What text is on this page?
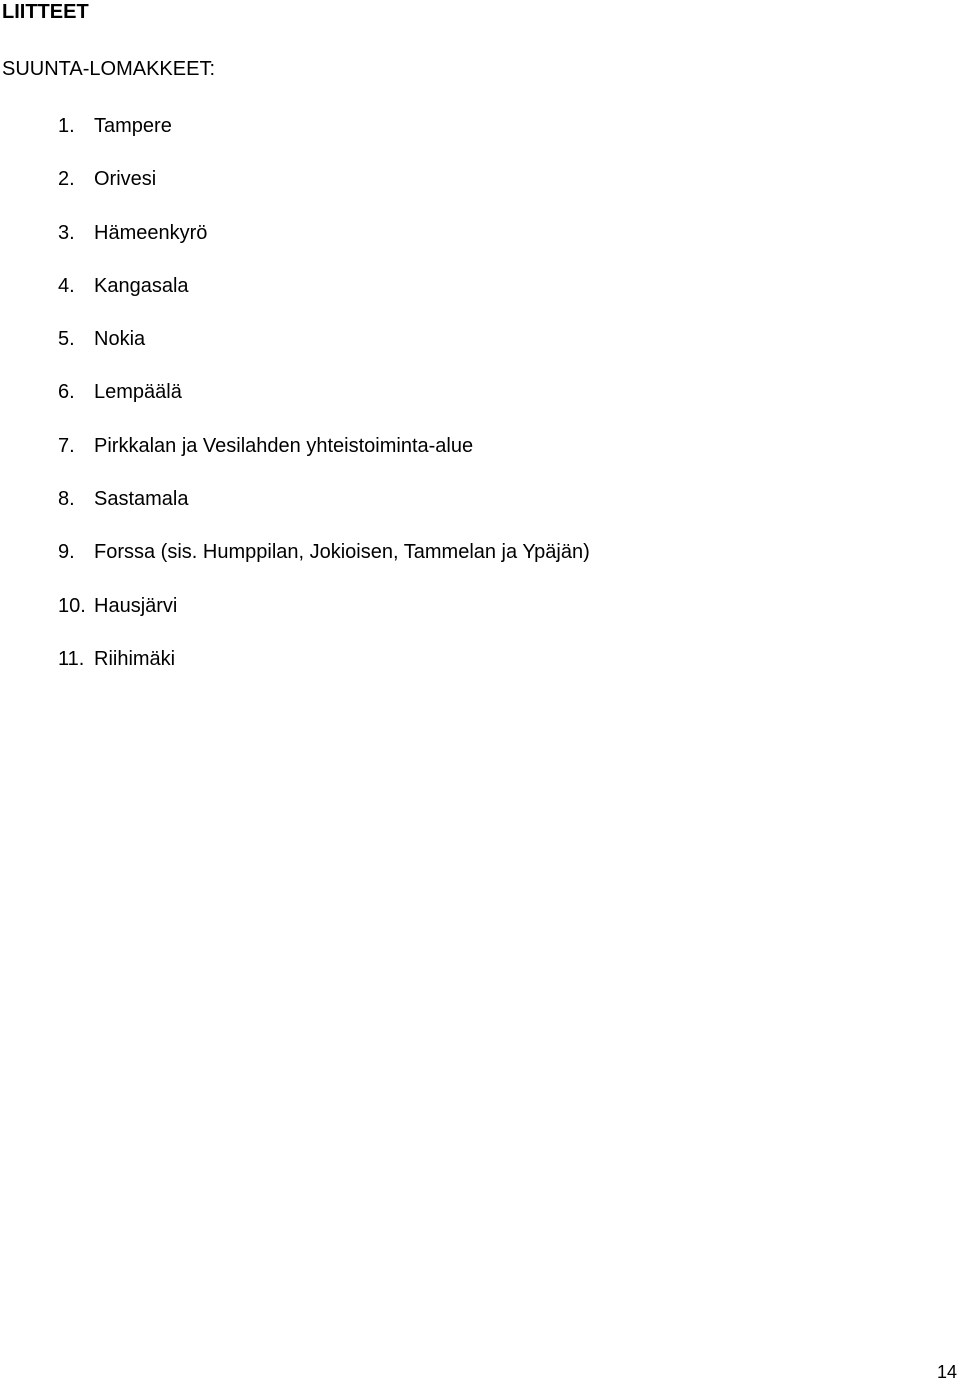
LIITTEET

SUUNTA-LOMAKKEET:

1. Tampere
2. Orivesi
3. Hämeenkyrö
4. Kangasala
5. Nokia
6. Lempäälä
7. Pirkkalan ja Vesilahden yhteistoiminta-alue
8. Sastamala
9. Forssa (sis. Humppilan, Jokioisen, Tammelan ja Ypäjän)
10. Hausjärvi
11. Riihimäki
14
